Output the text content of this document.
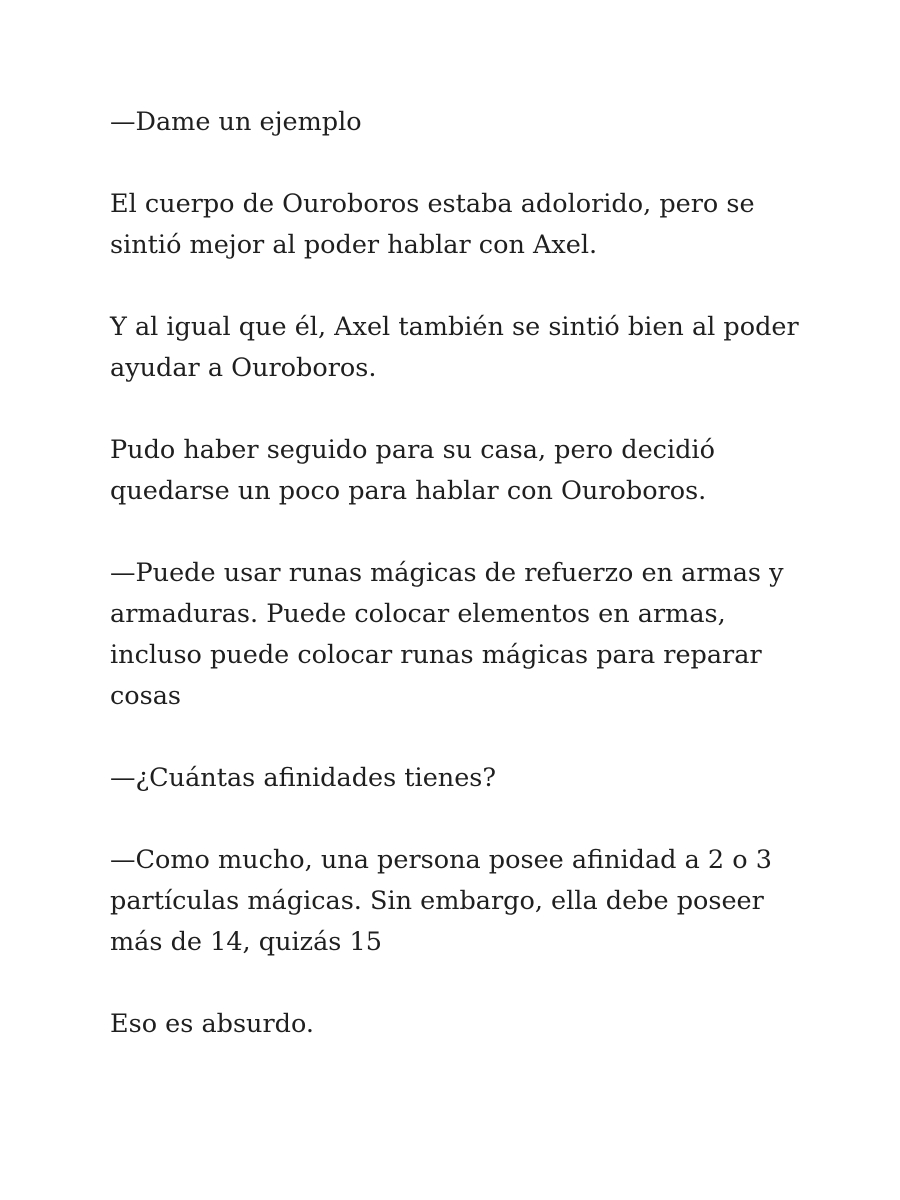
—Dame un ejemplo

El cuerpo de Ouroboros estaba adolorido, pero se sintió mejor al poder hablar con Axel.

Y al igual que él, Axel también se sintió bien al poder ayudar a Ouroboros.

Pudo haber seguido para su casa, pero decidió quedarse un poco para hablar con Ouroboros.

—Puede usar runas mágicas de refuerzo en armas y armaduras. Puede colocar elementos en armas, incluso puede colocar runas mágicas para reparar cosas

—¿Cuántas afinidades tienes?

—Como mucho, una persona posee afinidad a 2 o 3 partículas mágicas. Sin embargo, ella debe poseer más de 14, quizás 15

Eso es absurdo.
